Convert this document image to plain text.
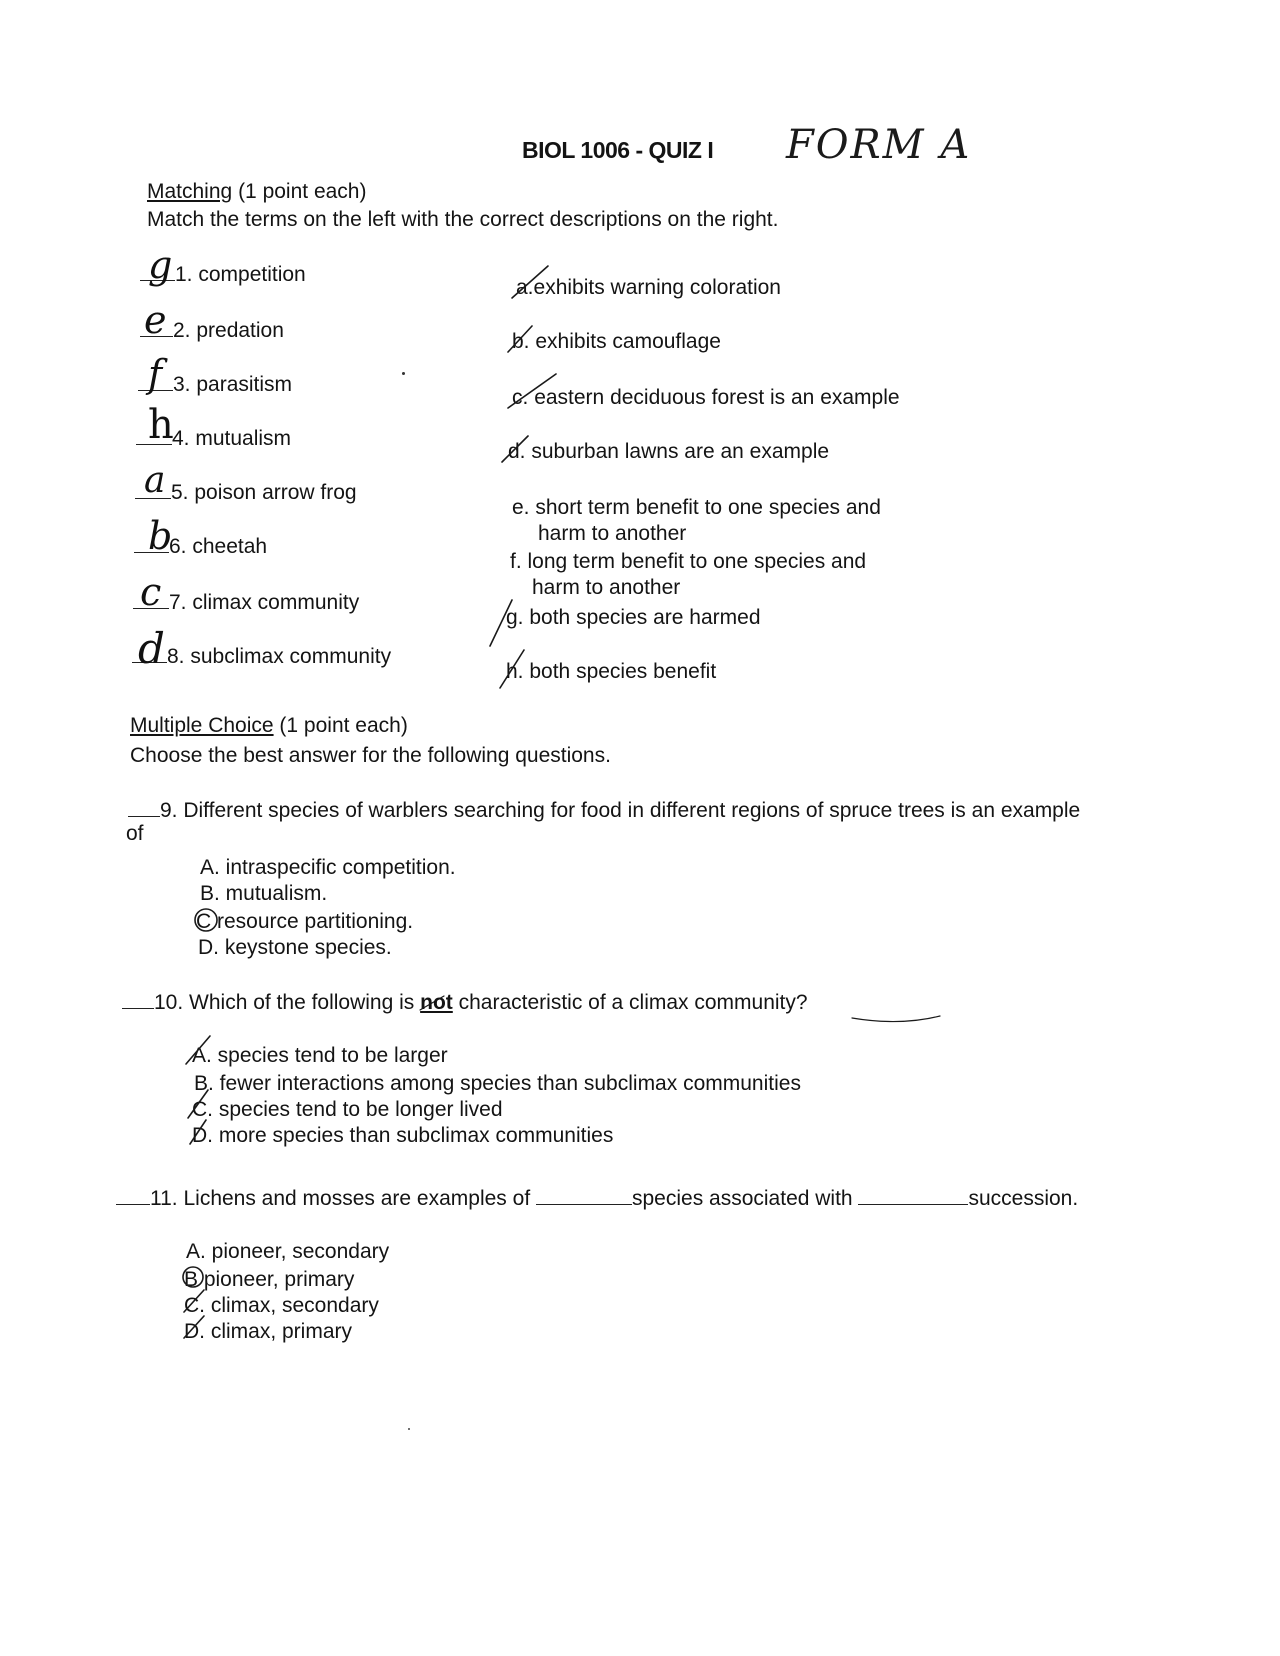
BIOL 1006 - QUIZ I FORM A
Matching (1 point each)
Match the terms on the left with the correct descriptions on the right.
1. competition
2. predation
3. parasitism
4. mutualism
5. poison arrow frog
6. cheetah
7. climax community
8. subclimax community
g
e
f
h
a
b
c
d
a.exhibits warning coloration
b. exhibits camouflage
c. eastern deciduous forest is an example
d. suburban lawns are an example
e. short term benefit to one species and
harm to another
f. long term benefit to one species and
harm to another
g. both species are harmed
h. both species benefit
Multiple Choice (1 point each)
Choose the best answer for the following questions.
9. Different species of warblers searching for food in different regions of spruce trees is an example
of
A. intraspecific competition.
B. mutualism.
C resource partitioning.
D. keystone species.
10. Which of the following is not characteristic of a climax community?
A. species tend to be larger
B. fewer interactions among species than subclimax communities
C. species tend to be longer lived
D. more species than subclimax communities
11. Lichens and mosses are examples of	species associated with	succession.
A. pioneer, secondary
B pioneer, primary
C. climax, secondary
D. climax, primary
